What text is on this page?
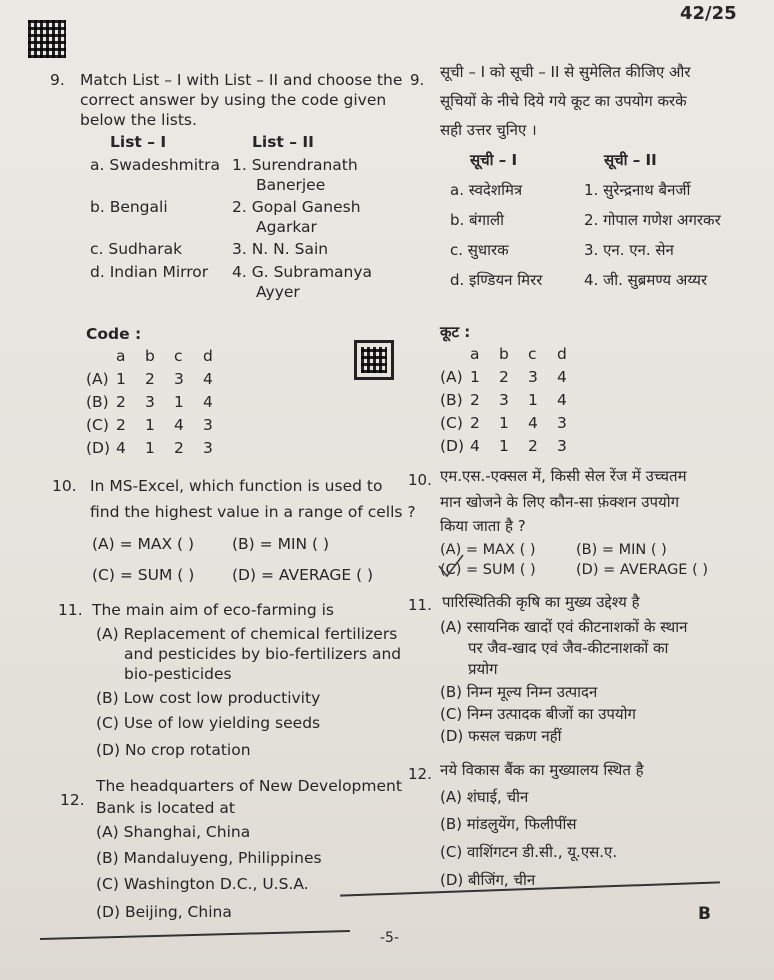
42/25
9. Match List – I with List – II and choose the
correct answer by using the code given
below the lists.
List – I	List – II
a. Swadeshmitra 1. Surendranath
Banerjee
b. Bengali	2. Gopal Ganesh
Agarkar
c. Sudharak	3. N. N. Sain
d. Indian Mirror 4. G. Subramanya
Ayyer
Code :
a b c d
(A) 1 2 3 4
(B) 2 3 1 4
(C) 2 1 4 3
(D) 4 1 2 3
9. सूची – I को सूची – II से सुमेलित कीजिए और
सूचियों के नीचे दिये गये कूट का उपयोग करके
सही उत्तर चुनिए ।
सूची – I	सूची – II
a. स्वदेशमित्र	1. सुरेन्द्रनाथ बैनर्जी
b. बंगाली	2. गोपाल गणेश अगरकर
c. सुधारक	3. एन. एन. सेन
d. इण्डियन मिरर	4. जी. सुब्रमण्य अय्यर
कूट :
a b c d
(A) 1 2 3 4
(B) 2 3 1 4
(C) 2 1 4 3
(D) 4 1 2 3
10. In MS-Excel, which function is used to
find the highest value in a range of cells ?
(A) = MAX ( ) (B) = MIN ( )
(C) = SUM ( ) (D) = AVERAGE ( )
10. एम.एस.-एक्सल में, किसी सेल रेंज में उच्चतम
मान खोजने के लिए कौन-सा फ़ंक्शन उपयोग
किया जाता है ?
(A) = MAX ( )	(B) = MIN ( )
(C) = SUM ( )	(D) = AVERAGE ( )
11. The main aim of eco-farming is
(A) Replacement of chemical fertilizers
and pesticides by bio-fertilizers and
bio-pesticides
(B) Low cost low productivity
(C) Use of low yielding seeds
(D) No crop rotation
11. पारिस्थितिकी कृषि का मुख्य उद्देश्य है
(A) रसायनिक खादों एवं कीटनाशकों के स्थान
पर जैव-खाद एवं जैव-कीटनाशकों का
प्रयोग
(B) निम्न मूल्य निम्न उत्पादन
(C) निम्न उत्पादक बीजों का उपयोग
(D) फसल चक्रण नहीं
12.
The headquarters of New Development
Bank is located at
(A) Shanghai, China
(B) Mandaluyeng, Philippines
(C) Washington D.C., U.S.A.
(D) Beijing, China
12. नये विकास बैंक का मुख्यालय स्थित है
(A) शंघाई, चीन
(B) मांडलुयेंग, फिलीपींस
(C) वाशिंगटन डी.सी., यू.एस.ए.
(D) बीजिंग, चीन
B
-5-
